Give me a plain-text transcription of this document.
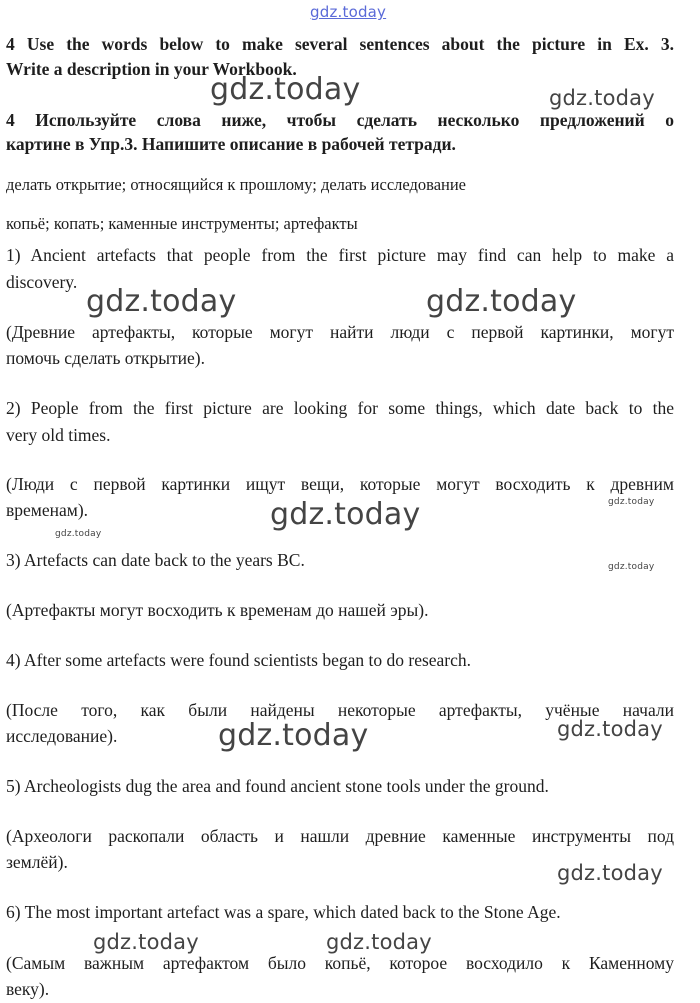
gdz.today
4 Use the words below to make several sentences about the picture in Ex. 3.
Write a description in your Workbook.
4 Используйте слова ниже, чтобы сделать несколько предложений о
картине в Упр.3. Напишите описание в рабочей тетради.
делать открытие; относящийся к прошлому; делать исследование
копьё; копать; каменные инструменты; артефакты
1) Ancient artefacts that people from the first picture may find can help to make a
discovery.
(Древние артефакты, которые могут найти люди с первой картинки, могут
помочь сделать открытие).
2) People from the first picture are looking for some things, which date back to the
very old times.
(Люди с первой картинки ищут вещи, которые могут восходить к древним
временам).
3) Artefacts can date back to the years BC.
(Артефакты могут восходить к временам до нашей эры).
4) After some artefacts were found scientists began to do research.
(После того, как были найдены некоторые артефакты, учёные начали
исследование).
5) Archeologists dug the area and found ancient stone tools under the ground.
(Археологи раскопали область и нашли древние каменные инструменты под
землёй).
6) The most important artefact was a spare, which dated back to the Stone Age.
(Самым важным артефактом было копьё, которое восходило к Каменному
веку).
gdz.today	gdz.today
gdz.today	gdz.today
gdz.today
gdz.today
gdz.today
gdz.today
gdz.today	gdz.today
gdz.today
gdz.today	gdz.today
